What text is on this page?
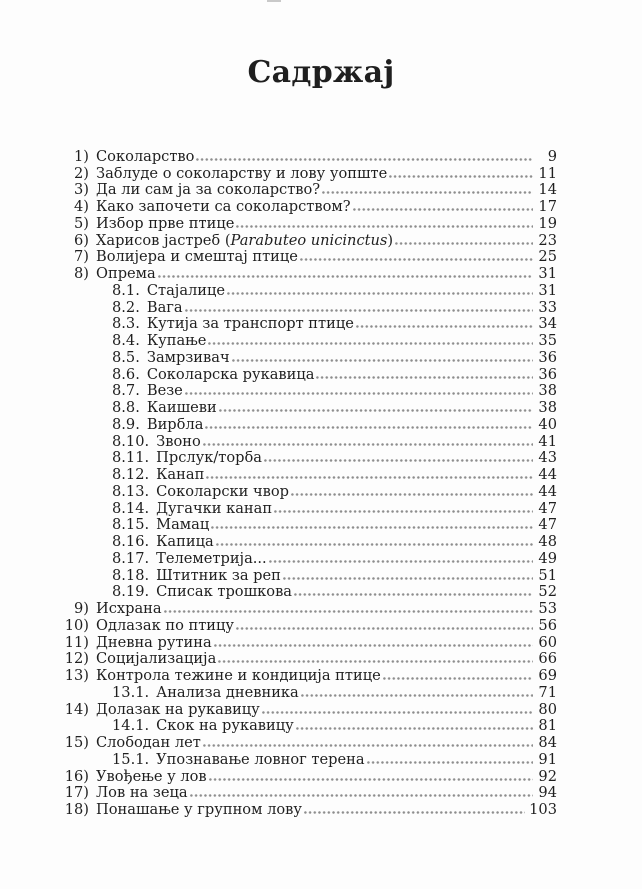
Садржај
1) Соколарство	9
2) Заблуде о соколарству и лову уопште	11
3) Да ли сам ја за соколарство?	14
4) Како започети са соколарством?	17
5) Избор прве птице	19
6) Харисов јастреб (Parabuteo unicinctus)	23
7) Волијера и смештај птице	25
8) Опрема	31
8.1. Стајалице	31
8.2. Вага	33
8.3. Кутија за транспорт птице	34
8.4. Купање	35
8.5. Замрзивач	36
8.6. Соколарска рукавица	36
8.7. Везе	38
8.8. Каишеви	38
8.9. Вирбла	40
8.10. Звоно	41
8.11. Прслук/торба	43
8.12. Канап	44
8.13. Соколарски чвор	44
8.14. Дугачки канап	47
8.15. Мамац	47
8.16. Капица	48
8.17. Телеметрија...	49
8.18. Штитник за реп	51
8.19. Списак трошкова	52
9) Исхрана	53
10) Одлазак по птицу	56
11) Дневна рутина	60
12) Социјализација	66
13) Контрола тежине и кондиција птице	69
13.1. Анализа дневника	71
14) Долазак на рукавицу	80
14.1. Скок на рукавицу	81
15) Слободан лет	84
15.1. Упознавање ловног терена	91
16) Увођење у лов	92
17) Лов на зеца	94
18) Понашање у групном лову	103
